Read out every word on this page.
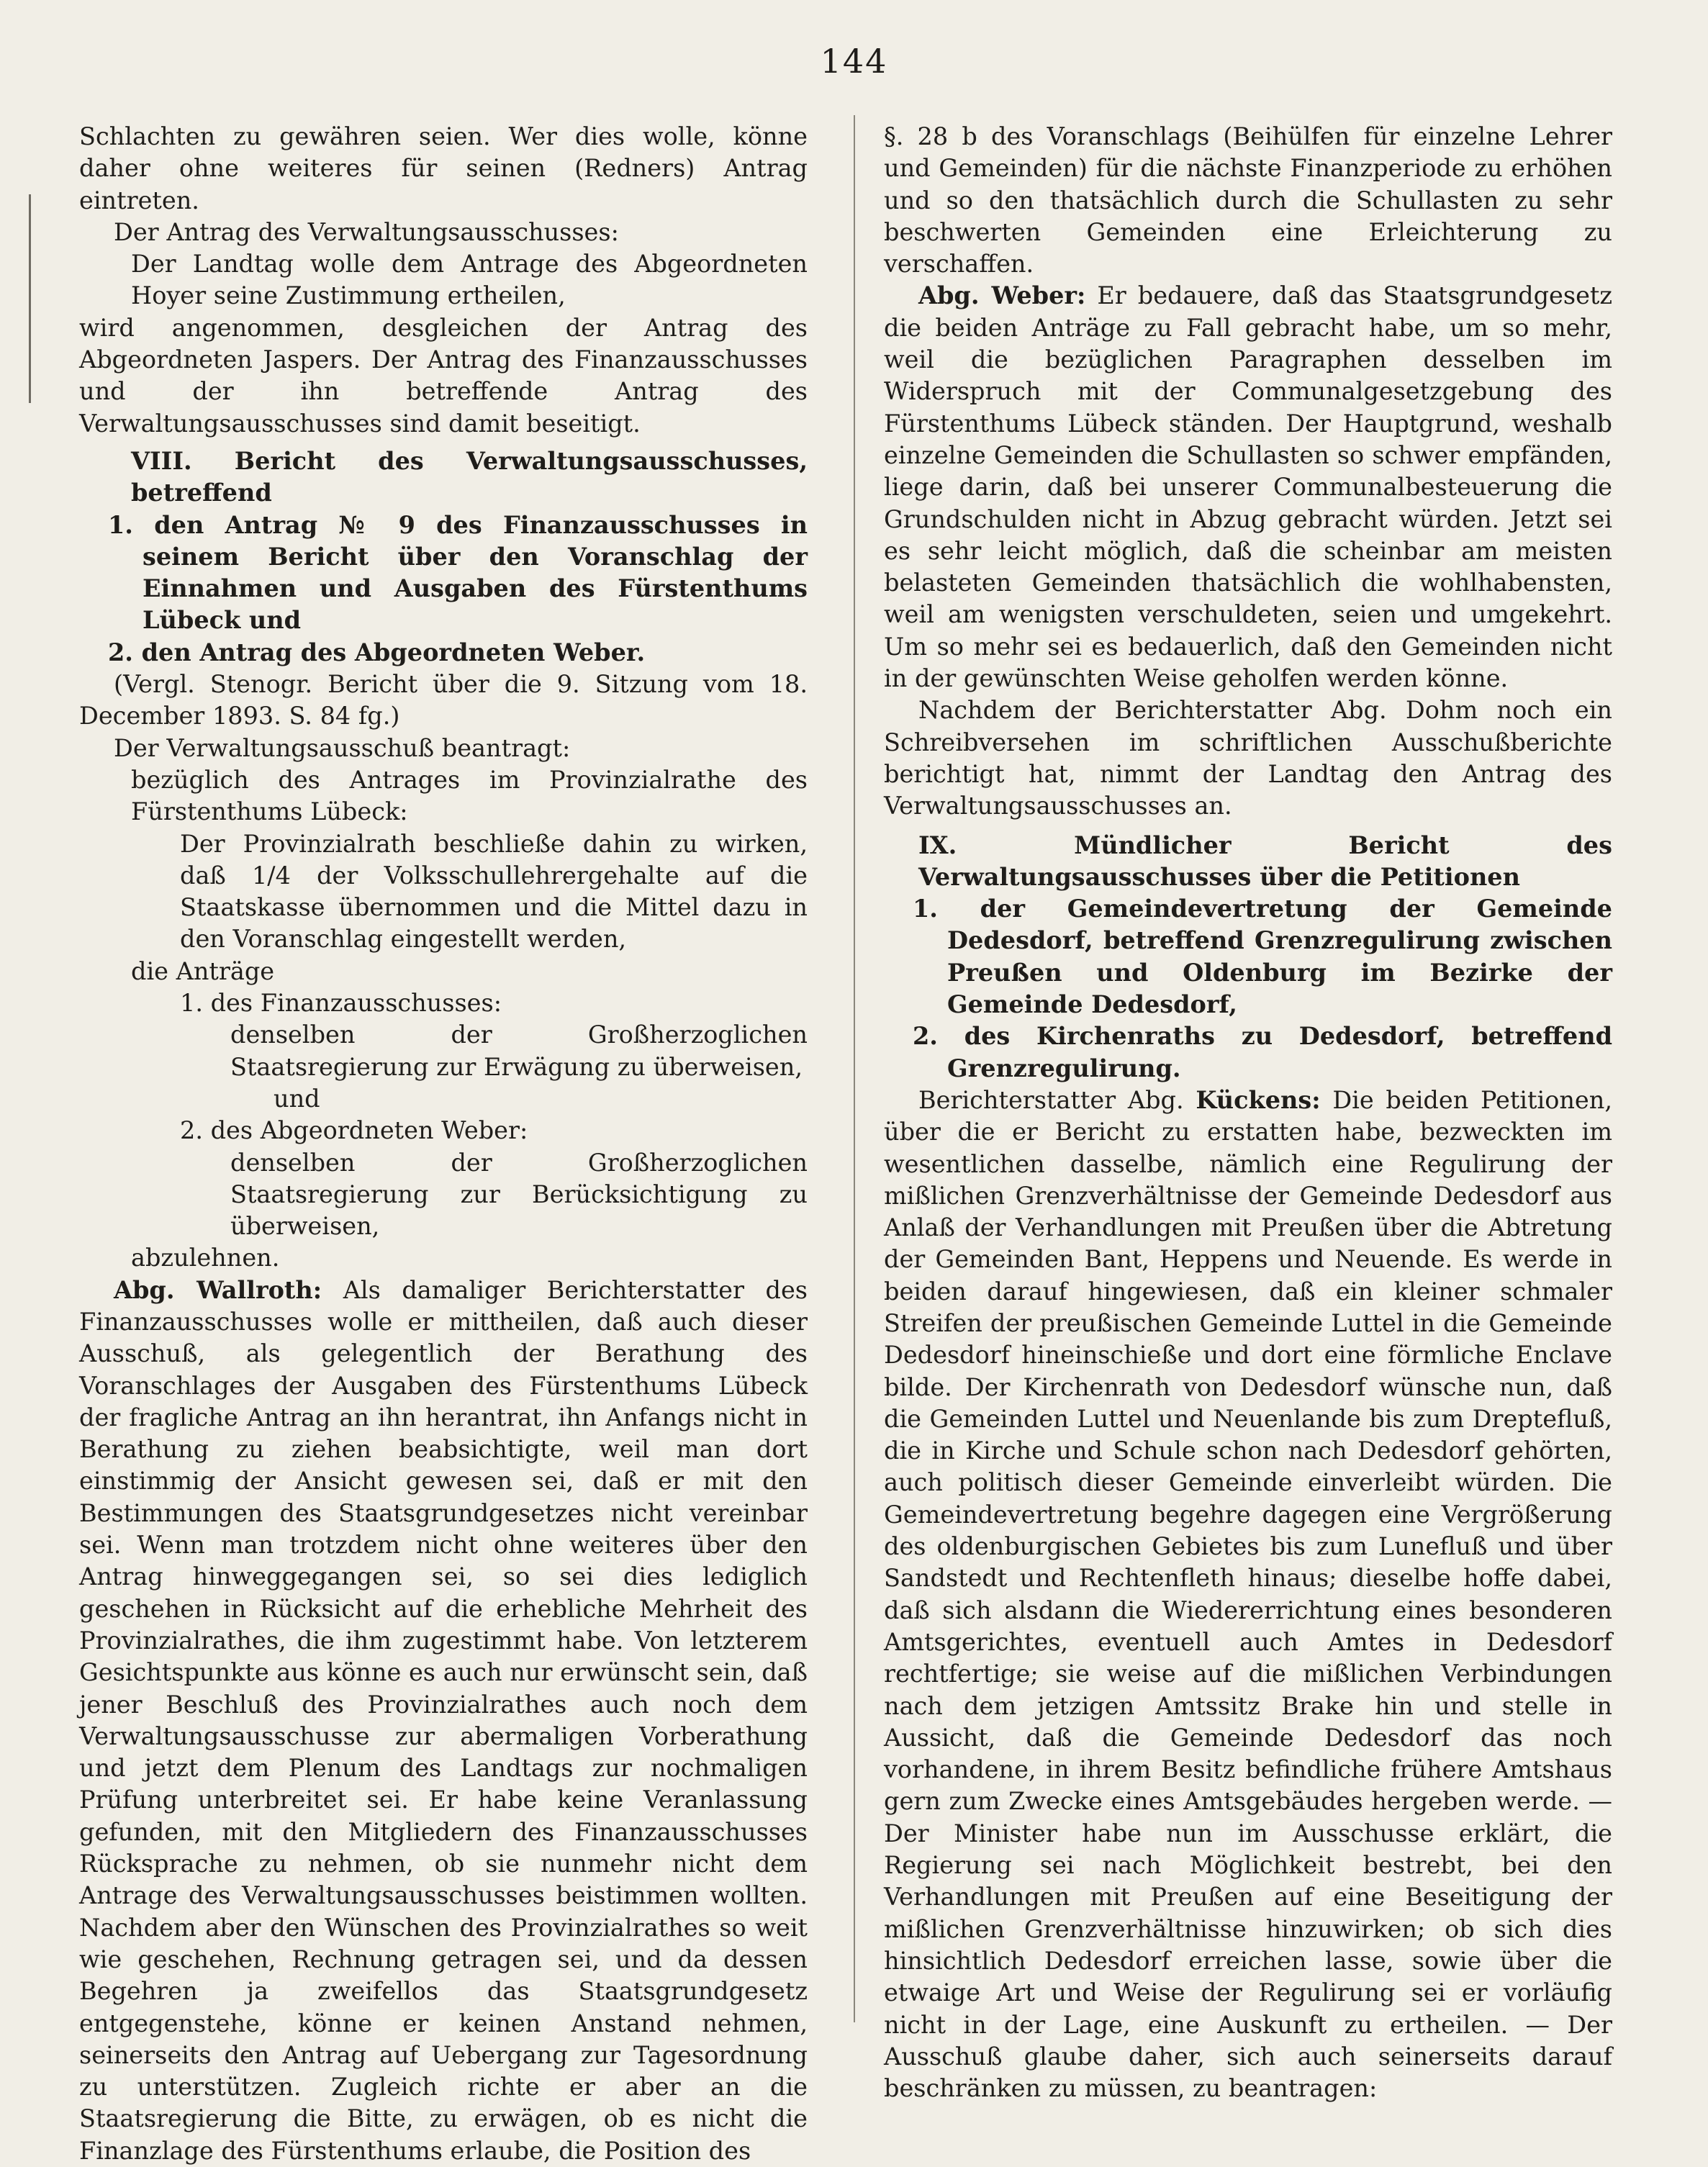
144

Schlachten zu gewähren seien. Wer dies wolle, könne daher ohne weiteres für seinen (Redners) Antrag eintreten.

Der Antrag des Verwaltungsausschusses:

Der Landtag wolle dem Antrage des Abgeordneten Hoyer seine Zustimmung ertheilen,

wird angenommen, desgleichen der Antrag des Abgeordneten Jaspers. Der Antrag des Finanzausschusses und der ihn betreffende Antrag des Verwaltungsausschusses sind damit beseitigt.

VIII. Bericht des Verwaltungsausschusses, betreffend

1. den Antrag № 9 des Finanzausschusses in seinem Bericht über den Voranschlag der Einnahmen und Ausgaben des Fürstenthums Lübeck und

2. den Antrag des Abgeordneten Weber.

(Vergl. Stenogr. Bericht über die 9. Sitzung vom 18. December 1893. S. 84 fg.)

Der Verwaltungsausschuß beantragt:

bezüglich des Antrages im Provinzialrathe des Fürstenthums Lübeck:

Der Provinzialrath beschließe dahin zu wirken, daß 1/4 der Volksschullehrergehalte auf die Staatskasse übernommen und die Mittel dazu in den Voranschlag eingestellt werden,

die Anträge

1. des Finanzausschusses:

denselben der Großherzoglichen Staatsregierung zur Erwägung zu überweisen,

und

2. des Abgeordneten Weber:

denselben der Großherzoglichen Staatsregierung zur Berücksichtigung zu überweisen,

abzulehnen.

Abg. Wallroth: Als damaliger Berichterstatter des Finanzausschusses wolle er mittheilen, daß auch dieser Ausschuß, als gelegentlich der Berathung des Voranschlages der Ausgaben des Fürstenthums Lübeck der fragliche Antrag an ihn herantrat, ihn Anfangs nicht in Berathung zu ziehen beabsichtigte, weil man dort einstimmig der Ansicht gewesen sei, daß er mit den Bestimmungen des Staatsgrundgesetzes nicht vereinbar sei. Wenn man trotzdem nicht ohne weiteres über den Antrag hinweggegangen sei, so sei dies lediglich geschehen in Rücksicht auf die erhebliche Mehrheit des Provinzialrathes, die ihm zugestimmt habe. Von letzterem Gesichtspunkte aus könne es auch nur erwünscht sein, daß jener Beschluß des Provinzialrathes auch noch dem Verwaltungsausschusse zur abermaligen Vorberathung und jetzt dem Plenum des Landtags zur nochmaligen Prüfung unterbreitet sei. Er habe keine Veranlassung gefunden, mit den Mitgliedern des Finanzausschusses Rücksprache zu nehmen, ob sie nunmehr nicht dem Antrage des Verwaltungsausschusses beistimmen wollten. Nachdem aber den Wünschen des Provinzialrathes so weit wie geschehen, Rechnung getragen sei, und da dessen Begehren ja zweifellos das Staatsgrundgesetz entgegenstehe, könne er keinen Anstand nehmen, seinerseits den Antrag auf Uebergang zur Tagesordnung zu unterstützen. Zugleich richte er aber an die Staatsregierung die Bitte, zu erwägen, ob es nicht die Finanzlage des Fürstenthums erlaube, die Position des

§. 28 b des Voranschlags (Beihülfen für einzelne Lehrer und Gemeinden) für die nächste Finanzperiode zu erhöhen und so den thatsächlich durch die Schullasten zu sehr beschwerten Gemeinden eine Erleichterung zu verschaffen.

Abg. Weber: Er bedauere, daß das Staatsgrundgesetz die beiden Anträge zu Fall gebracht habe, um so mehr, weil die bezüglichen Paragraphen desselben im Widerspruch mit der Communalgesetzgebung des Fürstenthums Lübeck ständen. Der Hauptgrund, weshalb einzelne Gemeinden die Schullasten so schwer empfänden, liege darin, daß bei unserer Communalbesteuerung die Grundschulden nicht in Abzug gebracht würden. Jetzt sei es sehr leicht möglich, daß die scheinbar am meisten belasteten Gemeinden thatsächlich die wohlhabensten, weil am wenigsten verschuldeten, seien und umgekehrt. Um so mehr sei es bedauerlich, daß den Gemeinden nicht in der gewünschten Weise geholfen werden könne.

Nachdem der Berichterstatter Abg. Dohm noch ein Schreibversehen im schriftlichen Ausschußberichte berichtigt hat, nimmt der Landtag den Antrag des Verwaltungsausschusses an.

IX. Mündlicher Bericht des Verwaltungsausschusses über die Petitionen

1. der Gemeindevertretung der Gemeinde Dedesdorf, betreffend Grenzregulirung zwischen Preußen und Oldenburg im Bezirke der Gemeinde Dedesdorf,

2. des Kirchenraths zu Dedesdorf, betreffend Grenzregulirung.

Berichterstatter Abg. Kückens: Die beiden Petitionen, über die er Bericht zu erstatten habe, bezweckten im wesentlichen dasselbe, nämlich eine Regulirung der mißlichen Grenzverhältnisse der Gemeinde Dedesdorf aus Anlaß der Verhandlungen mit Preußen über die Abtretung der Gemeinden Bant, Heppens und Neuende. Es werde in beiden darauf hingewiesen, daß ein kleiner schmaler Streifen der preußischen Gemeinde Luttel in die Gemeinde Dedesdorf hineinschieße und dort eine förmliche Enclave bilde. Der Kirchenrath von Dedesdorf wünsche nun, daß die Gemeinden Luttel und Neuenlande bis zum Dreptefluß, die in Kirche und Schule schon nach Dedesdorf gehörten, auch politisch dieser Gemeinde einverleibt würden. Die Gemeindevertretung begehre dagegen eine Vergrößerung des oldenburgischen Gebietes bis zum Lunefluß und über Sandstedt und Rechtenfleth hinaus; dieselbe hoffe dabei, daß sich alsdann die Wiedererrichtung eines besonderen Amtsgerichtes, eventuell auch Amtes in Dedesdorf rechtfertige; sie weise auf die mißlichen Verbindungen nach dem jetzigen Amtssitz Brake hin und stelle in Aussicht, daß die Gemeinde Dedesdorf das noch vorhandene, in ihrem Besitz befindliche frühere Amtshaus gern zum Zwecke eines Amtsgebäudes hergeben werde. — Der Minister habe nun im Ausschusse erklärt, die Regierung sei nach Möglichkeit bestrebt, bei den Verhandlungen mit Preußen auf eine Beseitigung der mißlichen Grenzverhältnisse hinzuwirken; ob sich dies hinsichtlich Dedesdorf erreichen lasse, sowie über die etwaige Art und Weise der Regulirung sei er vorläufig nicht in der Lage, eine Auskunft zu ertheilen. — Der Ausschuß glaube daher, sich auch seinerseits darauf beschränken zu müssen, zu beantragen:
